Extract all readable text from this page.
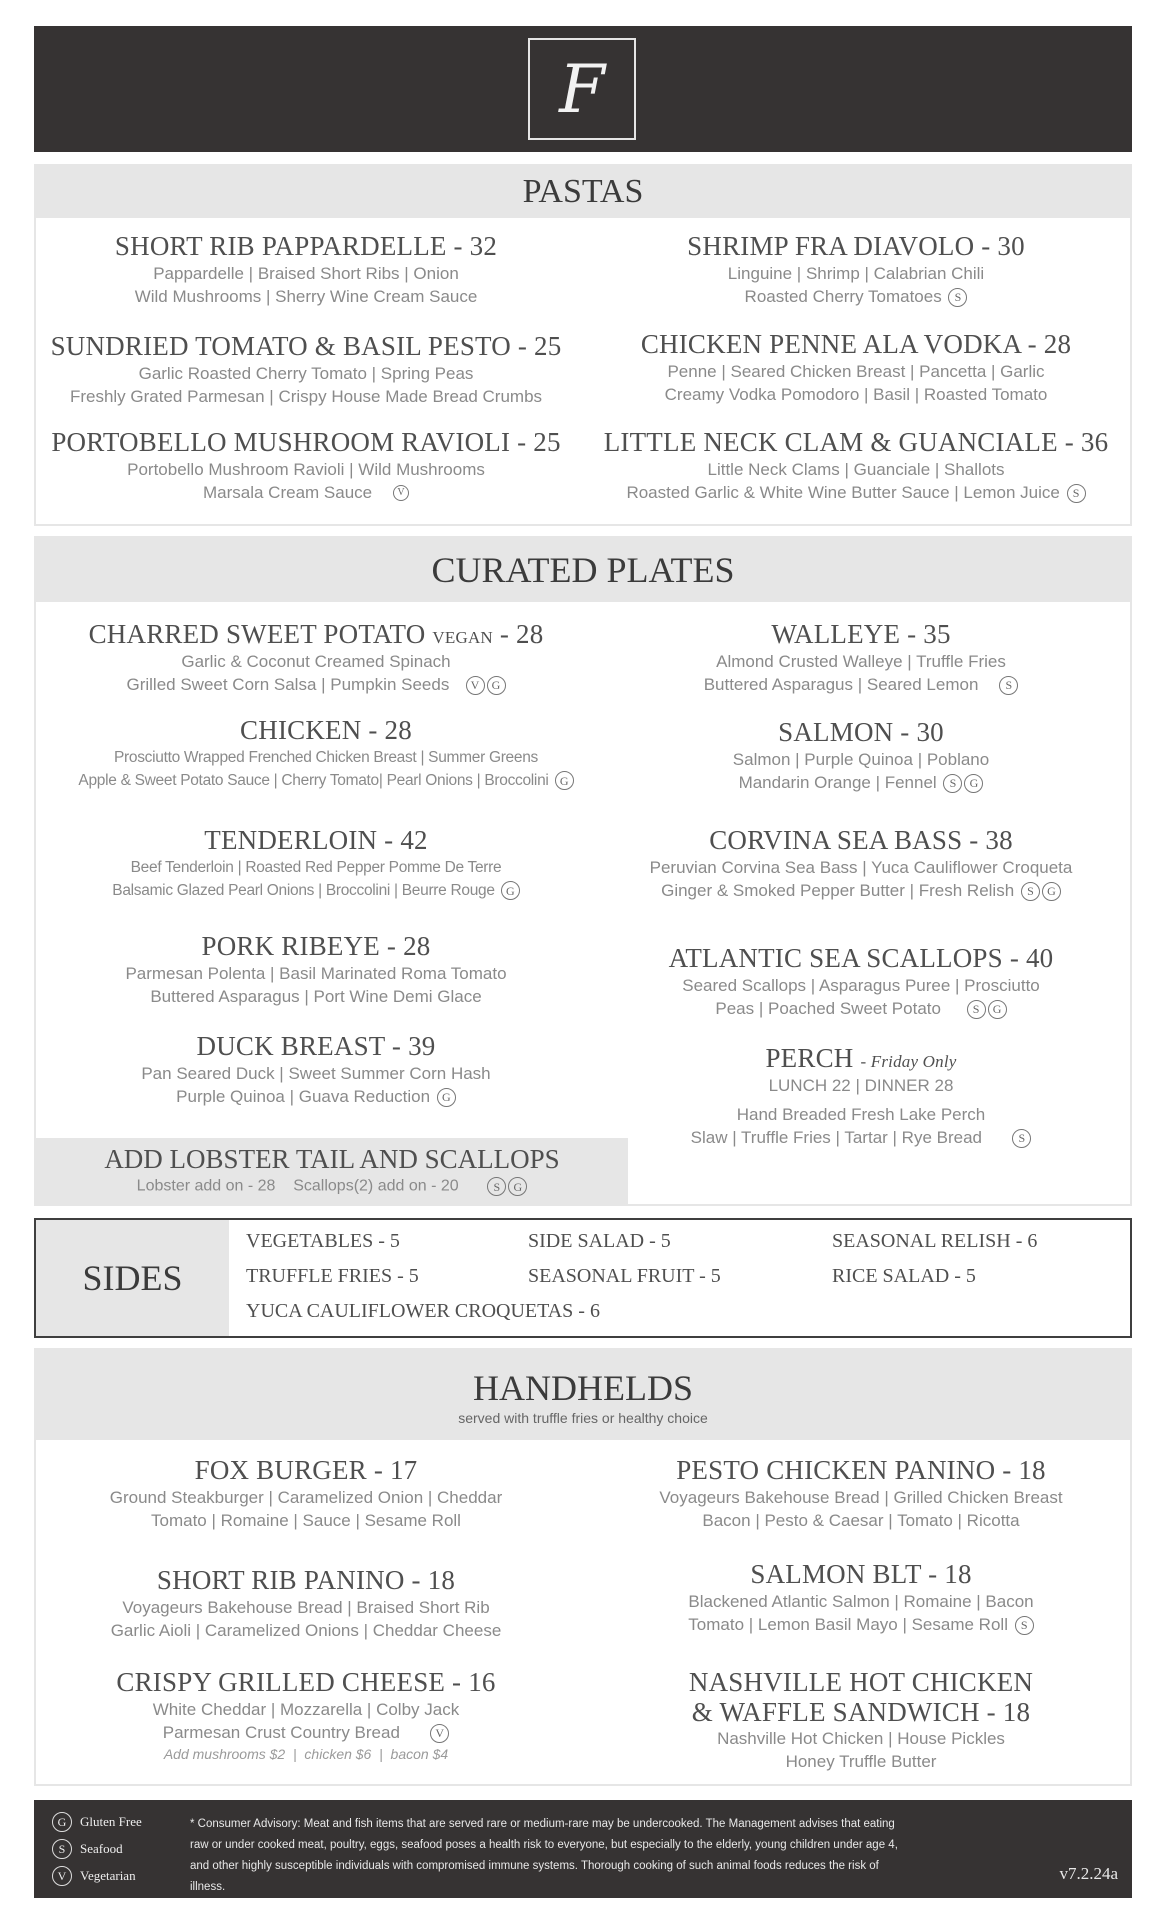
F
PASTAS
SHORT RIB PAPPARDELLE - 32
Pappardelle | Braised Short Ribs | Onion
Wild Mushrooms | Sherry Wine Cream Sauce
SHRIMP FRA DIAVOLO - 30
Linguine | Shrimp | Calabrian Chili
Roasted Cherry Tomatoes S
SUNDRIED TOMATO & BASIL PESTO - 25
Garlic Roasted Cherry Tomato | Spring Peas
Freshly Grated Parmesan | Crispy House Made Bread Crumbs
CHICKEN PENNE ALA VODKA - 28
Penne | Seared Chicken Breast | Pancetta | Garlic
Creamy Vodka Pomodoro | Basil | Roasted Tomato
PORTOBELLO MUSHROOM RAVIOLI - 25
Portobello Mushroom Ravioli | Wild Mushrooms
Marsala Cream Sauce	V
LITTLE NECK CLAM & GUANCIALE - 36
Little Neck Clams | Guanciale | Shallots
Roasted Garlic & White Wine Butter Sauce | Lemon Juice S
CURATED PLATES
CHARRED SWEET POTATO VEGAN - 28
Garlic & Coconut Creamed Spinach
Grilled Sweet Corn Salsa | Pumpkin Seeds V G
CHICKEN - 28
Prosciutto Wrapped Frenched Chicken Breast | Summer Greens
Apple & Sweet Potato Sauce | Cherry Tomato| Pearl Onions | Broccolini G
TENDERLOIN - 42
Beef Tenderloin | Roasted Red Pepper Pomme De Terre
Balsamic Glazed Pearl Onions | Broccolini | Beurre Rouge G
PORK RIBEYE - 28
Parmesan Polenta | Basil Marinated Roma Tomato
Buttered Asparagus | Port Wine Demi Glace
DUCK BREAST - 39
Pan Seared Duck | Sweet Summer Corn Hash
Purple Quinoa | Guava Reduction G
ADD LOBSTER TAIL AND SCALLOPS
Lobster add on - 28    Scallops(2) add on - 20	S G
WALLEYE - 35
Almond Crusted Walleye | Truffle Fries
Buttered Asparagus | Seared Lemon S
SALMON - 30
Salmon | Purple Quinoa | Poblano
Mandarin Orange | Fennel S G
CORVINA SEA BASS - 38
Peruvian Corvina Sea Bass | Yuca Cauliflower Croqueta
Ginger & Smoked Pepper Butter | Fresh Relish S G
ATLANTIC SEA SCALLOPS - 40
Seared Scallops | Asparagus Puree | Prosciutto
Peas | Poached Sweet Potato	S G
PERCH - Friday Only
LUNCH 22 | DINNER 28
Hand Breaded Fresh Lake Perch
Slaw | Truffle Fries | Tartar | Rye Bread	S
SIDES
VEGETABLES - 5	SIDE SALAD - 5	SEASONAL RELISH - 6
TRUFFLE FRIES - 5	SEASONAL FRUIT - 5	RICE SALAD - 5
YUCA CAULIFLOWER CROQUETAS - 6
HANDHELDS
served with truffle fries or healthy choice
FOX BURGER - 17
Ground Steakburger | Caramelized Onion | Cheddar
Tomato | Romaine | Sauce | Sesame Roll
PESTO CHICKEN PANINO - 18
Voyageurs Bakehouse Bread | Grilled Chicken Breast
Bacon | Pesto & Caesar | Tomato | Ricotta
SHORT RIB PANINO - 18
Voyageurs Bakehouse Bread | Braised Short Rib
Garlic Aioli | Caramelized Onions | Cheddar Cheese
SALMON BLT - 18
Blackened Atlantic Salmon | Romaine | Bacon
Tomato | Lemon Basil Mayo | Sesame Roll S
CRISPY GRILLED CHEESE - 16
White Cheddar | Mozzarella | Colby Jack
Parmesan Crust Country Bread	V
Add mushrooms $2  |  chicken $6  |  bacon $4
NASHVILLE HOT CHICKEN
& WAFFLE SANDWICH - 18
Nashville Hot Chicken | House Pickles
Honey Truffle Butter
G	Gluten Free
S	Seafood
V	Vegetarian
* Consumer Advisory: Meat and fish items that are served rare or medium-rare may be undercooked. The Management advises that eating raw or under cooked meat, poultry, eggs, seafood poses a health risk to everyone, but especially to the elderly, young children under age 4, and other highly susceptible individuals with compromised immune systems. Thorough cooking of such animal foods reduces the risk of illness.
v7.2.24a
